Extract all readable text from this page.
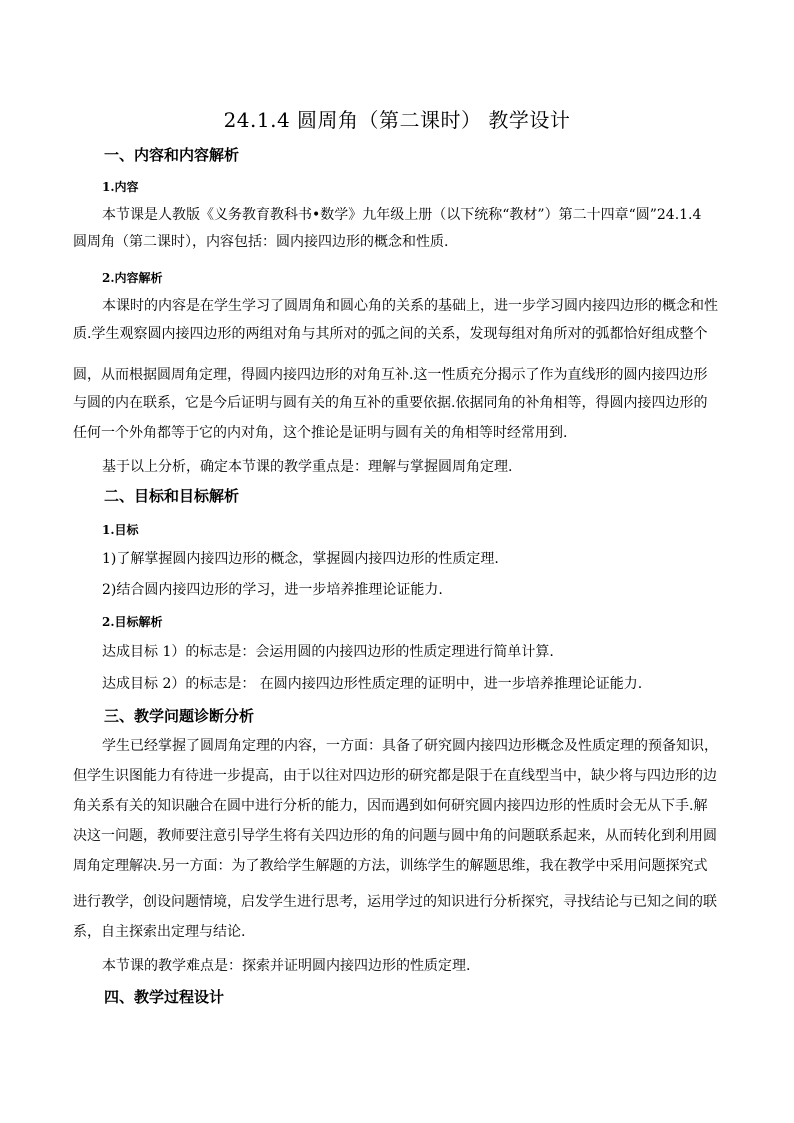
24.1.4 圆周角（第二课时） 教学设计
一、内容和内容解析
1.内容
本节课是人教版《义务教育教科书•数学》九年级上册（以下统称“教材”）第二十四章“圆”24.1.4
圆周角（第二课时），内容包括：圆内接四边形的概念和性质.
2.内容解析
本课时的内容是在学生学习了圆周角和圆心角的关系的基础上，进一步学习圆内接四边形的概念和性
质.学生观察圆内接四边形的两组对角与其所对的弧之间的关系，发现每组对角所对的弧都恰好组成整个
圆，从而根据圆周角定理，得圆内接四边形的对角互补.这一性质充分揭示了作为直线形的圆内接四边形
与圆的内在联系，它是今后证明与圆有关的角互补的重要依据.依据同角的补角相等，得圆内接四边形的
任何一个外角都等于它的内对角，这个推论是证明与圆有关的角相等时经常用到.
基于以上分析，确定本节课的教学重点是：理解与掌握圆周角定理.
二、目标和目标解析
1.目标
1)了解掌握圆内接四边形的概念，掌握圆内接四边形的性质定理.
2)结合圆内接四边形的学习，进一步培养推理论证能力.
2.目标解析
达成目标 1）的标志是：会运用圆的内接四边形的性质定理进行简单计算.
达成目标 2）的标志是： 在圆内接四边形性质定理的证明中，进一步培养推理论证能力.
三、教学问题诊断分析
学生已经掌握了圆周角定理的内容，一方面：具备了研究圆内接四边形概念及性质定理的预备知识，
但学生识图能力有待进一步提高，由于以往对四边形的研究都是限于在直线型当中，缺少将与四边形的边
角关系有关的知识融合在圆中进行分析的能力，因而遇到如何研究圆内接四边形的性质时会无从下手.解
决这一问题，教师要注意引导学生将有关四边形的角的问题与圆中角的问题联系起来，从而转化到利用圆
周角定理解决.另一方面：为了教给学生解题的方法，训练学生的解题思维，我在教学中采用问题探究式
进行教学，创设问题情境，启发学生进行思考，运用学过的知识进行分析探究，寻找结论与已知之间的联
系，自主探索出定理与结论.
本节课的教学难点是：探索并证明圆内接四边形的性质定理.
四、教学过程设计
